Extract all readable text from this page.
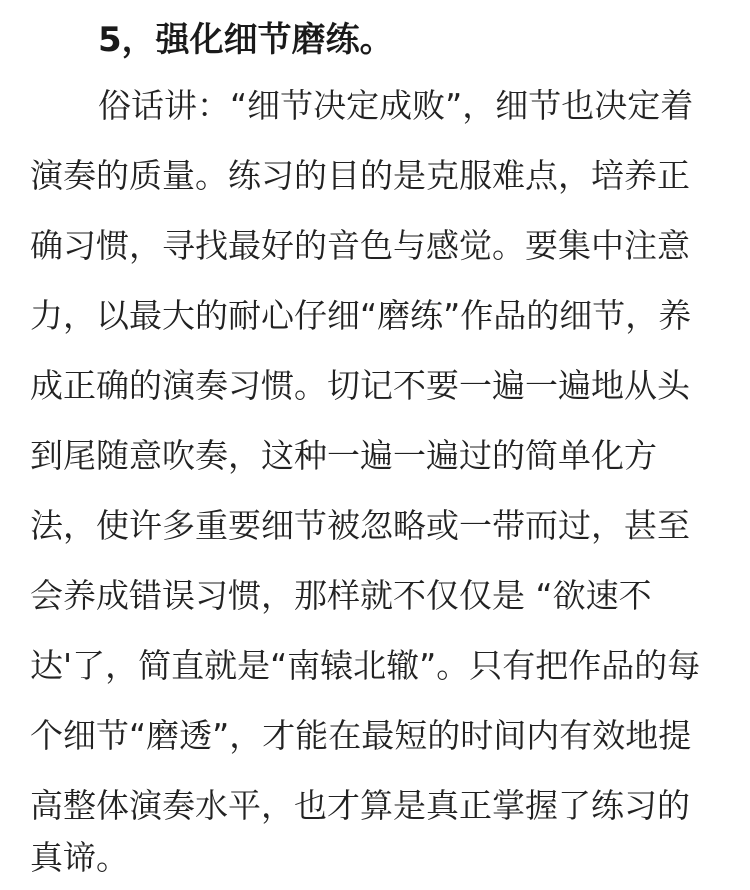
5，强化细节磨练。

俗话讲：“细节决定成败”，细节也决定着

演奏的质量。练习的目的是克服难点，培养正

确习惯，寻找最好的音色与感觉。要集中注意

力，以最大的耐心仔细“磨练”作品的细节，养

成正确的演奏习惯。切记不要一遍一遍地从头

到尾随意吹奏，这种一遍一遍过的简单化方

法，使许多重要细节被忽略或一带而过，甚至

会养成错误习惯，那样就不仅仅是 “欲速不

达'了，简直就是“南辕北辙”。只有把作品的每

个细节“磨透”，才能在最短的时间内有效地提

高整体演奏水平，也才算是真正掌握了练习的

真谛。
